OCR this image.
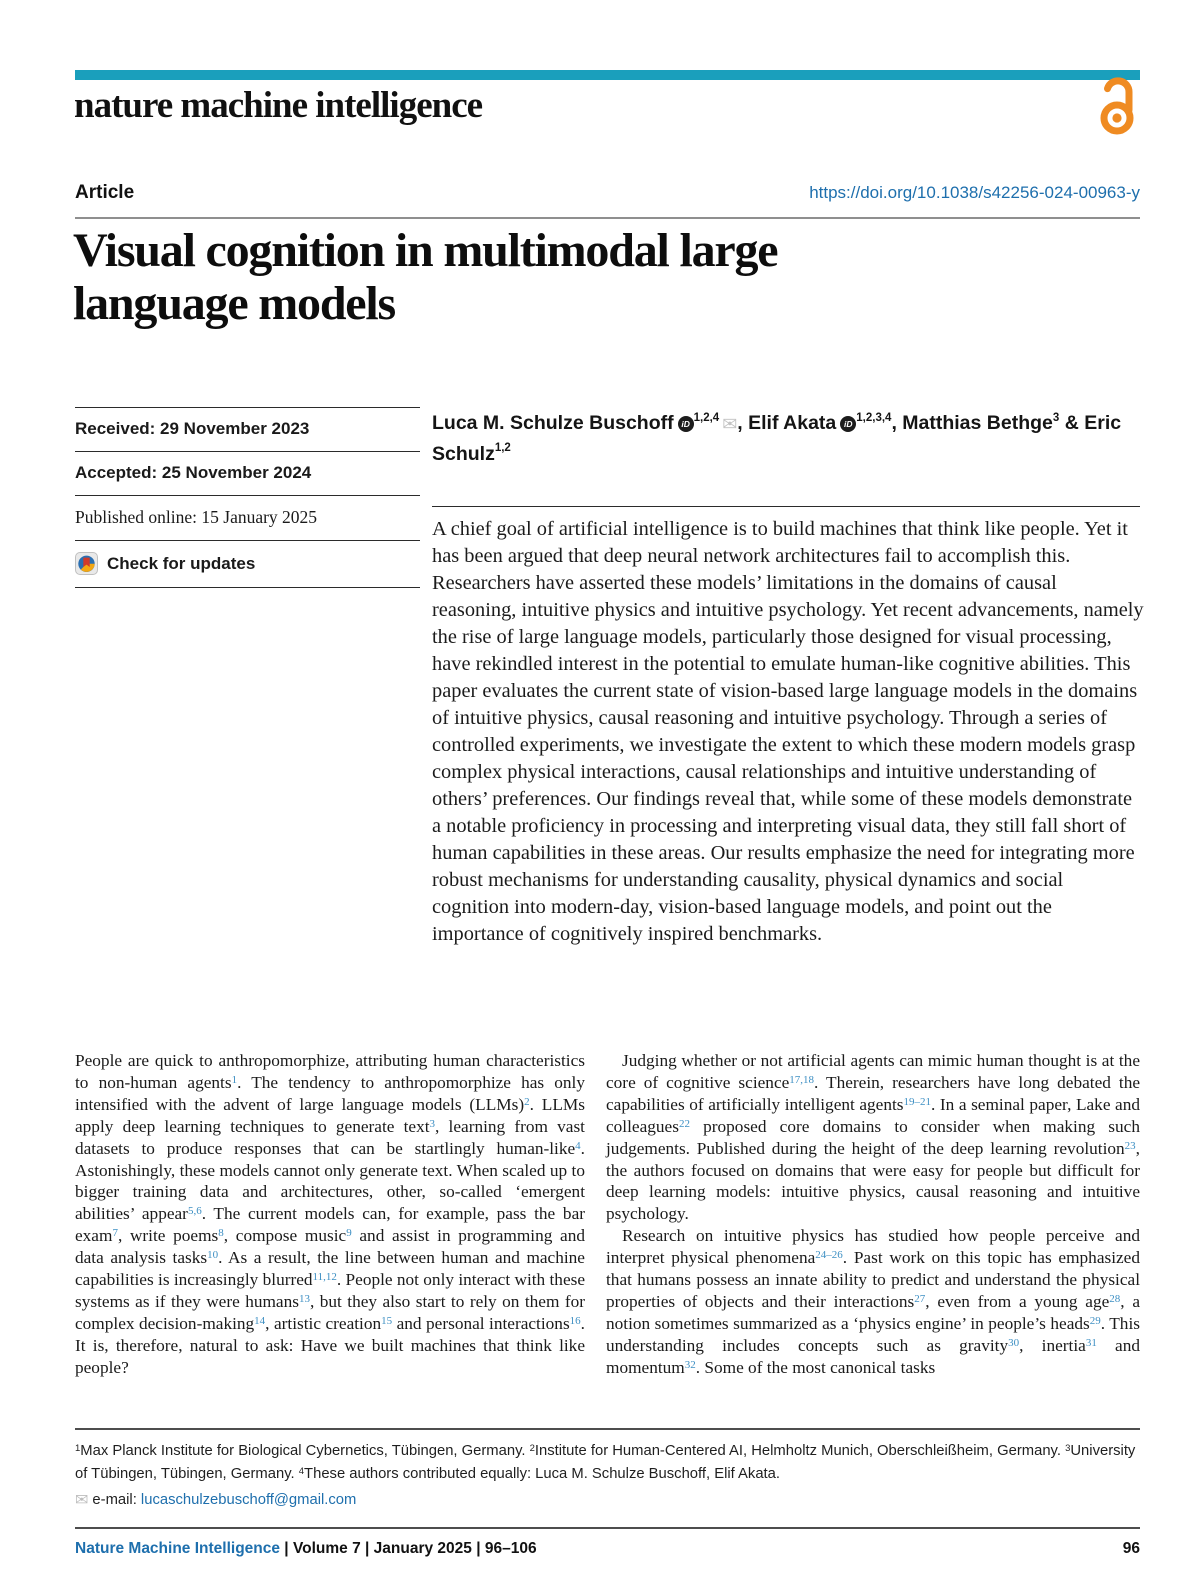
nature machine intelligence
Article	https://doi.org/10.1038/s42256-024-00963-y
Visual cognition in multimodal large language models
Received: 29 November 2023
Accepted: 25 November 2024
Published online: 15 January 2025
Check for updates
Luca M. Schulze Buschoff iD$^{1,2,4}$ ✉, Elif Akata iD$^{1,2,3,4}$, Matthias Bethge$^3$ & Eric Schulz$^{1,2}$
A chief goal of artificial intelligence is to build machines that think like people. Yet it has been argued that deep neural network architectures fail to accomplish this. Researchers have asserted these models’ limitations in the domains of causal reasoning, intuitive physics and intuitive psychology. Yet recent advancements, namely the rise of large language models, particularly those designed for visual processing, have rekindled interest in the potential to emulate human-like cognitive abilities. This paper evaluates the current state of vision-based large language models in the domains of intuitive physics, causal reasoning and intuitive psychology. Through a series of controlled experiments, we investigate the extent to which these modern models grasp complex physical interactions, causal relationships and intuitive understanding of others’ preferences. Our findings reveal that, while some of these models demonstrate a notable proficiency in processing and interpreting visual data, they still fall short of human capabilities in these areas. Our results emphasize the need for integrating more robust mechanisms for understanding causality, physical dynamics and social cognition into modern-day, vision-based language models, and point out the importance of cognitively inspired benchmarks.

People are quick to anthropomorphize, attributing human characteristics to non-human agents$^1$. The tendency to anthropomorphize has only intensified with the advent of large language models (LLMs)$^2$. LLMs apply deep learning techniques to generate text$^3$, learning from vast datasets to produce responses that can be startlingly human-like$^4$. Astonishingly, these models cannot only generate text. When scaled up to bigger training data and architectures, other, so-called ‘emergent abilities’ appear$^{5,6}$. The current models can, for example, pass the bar exam$^7$, write poems$^8$, compose music$^9$ and assist in programming and data analysis tasks$^{10}$. As a result, the line between human and machine capabilities is increasingly blurred$^{11,12}$. People not only interact with these systems as if they were humans$^{13}$, but they also start to rely on them for complex decision-making$^{14}$, artistic creation$^{15}$ and personal interactions$^{16}$. It is, therefore, natural to ask: Have we built machines that think like people?

Judging whether or not artificial agents can mimic human thought is at the core of cognitive science$^{17,18}$. Therein, researchers have long debated the capabilities of artificially intelligent agents$^{19-21}$. In a seminal paper, Lake and colleagues$^{22}$ proposed core domains to consider when making such judgements. Published during the height of the deep learning revolution$^{23}$, the authors focused on domains that were easy for people but difficult for deep learning models: intuitive physics, causal reasoning and intuitive psychology.

Research on intuitive physics has studied how people perceive and interpret physical phenomena$^{24-26}$. Past work on this topic has emphasized that humans possess an innate ability to predict and understand the physical properties of objects and their interactions$^{27}$, even from a young age$^{28}$, a notion sometimes summarized as a ‘physics engine’ in people’s heads$^{29}$. This understanding includes concepts such as gravity$^{30}$, inertia$^{31}$ and momentum$^{32}$. Some of the most canonical tasks

$^1$Max Planck Institute for Biological Cybernetics, Tübingen, Germany. $^2$Institute for Human-Centered AI, Helmholtz Munich, Oberschleißheim, Germany. $^3$University of Tübingen, Tübingen, Germany. $^4$These authors contributed equally: Luca M. Schulze Buschoff, Elif Akata.
✉ e-mail: lucaschulzebuschoff@gmail.com
Nature Machine Intelligence | Volume 7 | January 2025 | 96–106	96
